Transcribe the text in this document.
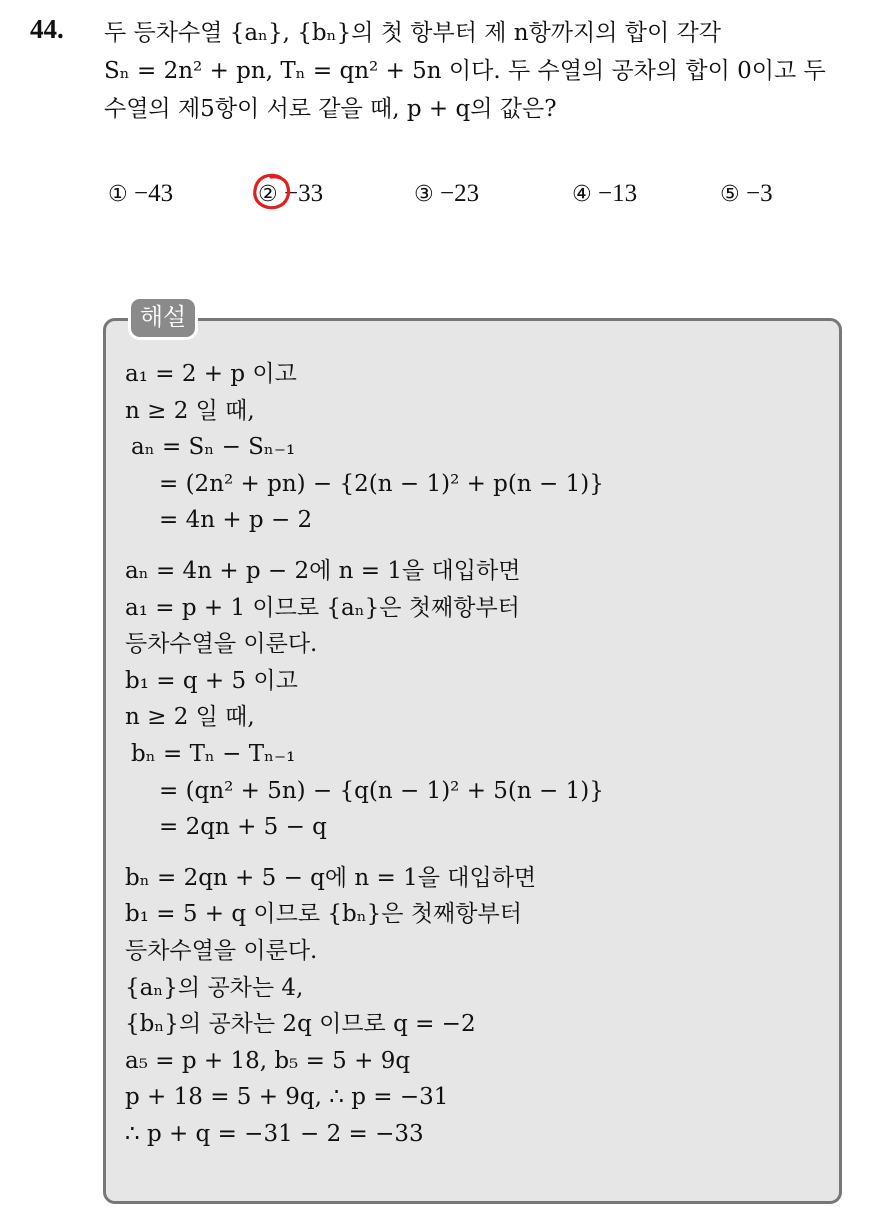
44. 두 등차수열 {aₙ}, {bₙ}의 첫 항부터 제 n항까지의 합이 각각
Sₙ = 2n² + pn, Tₙ = qn² + 5n 이다. 두 수열의 공차의 합이 0이고 두
수열의 제5항이 서로 같을 때, p + q의 값은?
① −43	② −33	③ −23	④ −13	⑤ −3
해설
a₁ = 2 + p 이고
n ≥ 2 일 때,
aₙ = Sₙ − Sₙ₋₁
= (2n² + pn) − {2(n − 1)² + p(n − 1)}
= 4n + p − 2
aₙ = 4n + p − 2에 n = 1을 대입하면
a₁ = p + 1 이므로 {aₙ}은 첫째항부터
등차수열을 이룬다.
b₁ = q + 5 이고
n ≥ 2 일 때,
bₙ = Tₙ − Tₙ₋₁
= (qn² + 5n) − {q(n − 1)² + 5(n − 1)}
= 2qn + 5 − q
bₙ = 2qn + 5 − q에 n = 1을 대입하면
b₁ = 5 + q 이므로 {bₙ}은 첫째항부터
등차수열을 이룬다.
{aₙ}의 공차는 4,
{bₙ}의 공차는 2q 이므로 q = −2
a₅ = p + 18, b₅ = 5 + 9q
p + 18 = 5 + 9q, ∴ p = −31
∴ p + q = −31 − 2 = −33
